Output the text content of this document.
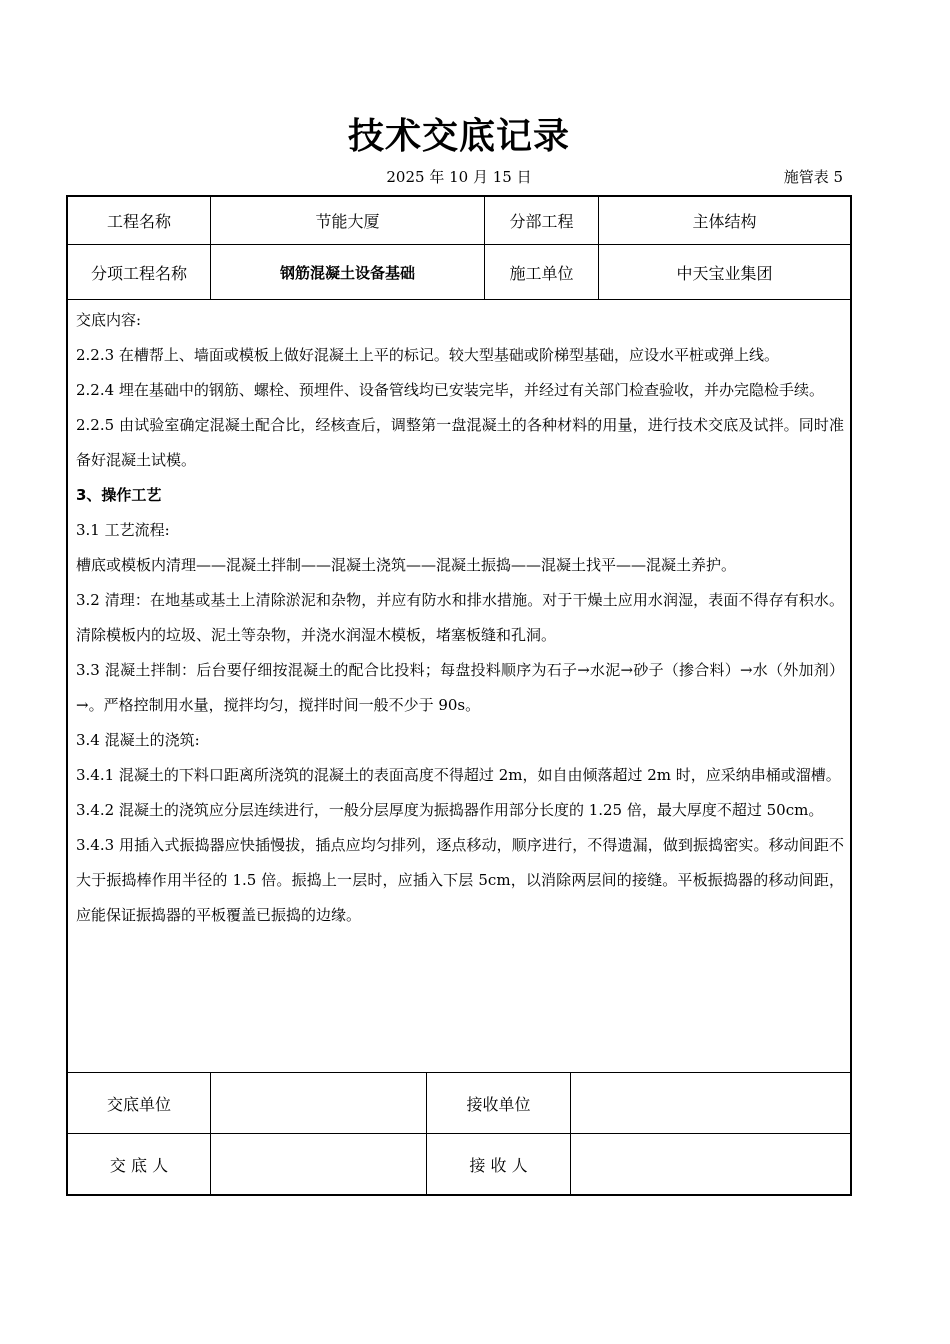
技术交底记录
2025 年 10 月 15 日	施管表 5
工程名称	节能大厦	分部工程	主体结构
分项工程名称	钢筋混凝土设备基础	施工单位	中天宝业集团

交底内容:

2.2.3 在槽帮上、墙面或模板上做好混凝土上平的标记。较大型基础或阶梯型基础，应设水平桩或弹上线。

2.2.4 埋在基础中的钢筋、螺栓、预埋件、设备管线均已安装完毕，并经过有关部门检查验收，并办完隐检手续。

2.2.5 由试验室确定混凝土配合比，经核查后，调整第一盘混凝土的各种材料的用量，进行技术交底及试拌。同时准备好混凝土试模。

3、操作工艺

3.1 工艺流程:

槽底或模板内清理——混凝土拌制——混凝土浇筑——混凝土振捣——混凝土找平——混凝土养护。

3.2 清理：在地基或基土上清除淤泥和杂物，并应有防水和排水措施。对于干燥土应用水润湿，表面不得存有积水。清除模板内的垃圾、泥土等杂物，并浇水润湿木模板，堵塞板缝和孔洞。

3.3 混凝土拌制：后台要仔细按混凝土的配合比投料；每盘投料顺序为石子→水泥→砂子（掺合料）→水（外加剂）→。严格控制用水量，搅拌均匀，搅拌时间一般不少于 90s。

3.4 混凝土的浇筑:

3.4.1 混凝土的下料口距离所浇筑的混凝土的表面高度不得超过 2m，如自由倾落超过 2m 时，应采纳串桶或溜槽。

3.4.2 混凝土的浇筑应分层连续进行，一般分层厚度为振捣器作用部分长度的 1.25 倍，最大厚度不超过 50cm。

3.4.3 用插入式振捣器应快插慢拔，插点应均匀排列，逐点移动，顺序进行，不得遗漏，做到振捣密实。移动间距不大于振捣棒作用半径的 1.5 倍。振捣上一层时，应插入下层 5cm，以消除两层间的接缝。平板振捣器的移动间距，应能保证振捣器的平板覆盖已振捣的边缘。

交底单位	接收单位
交 底 人	接 收 人
